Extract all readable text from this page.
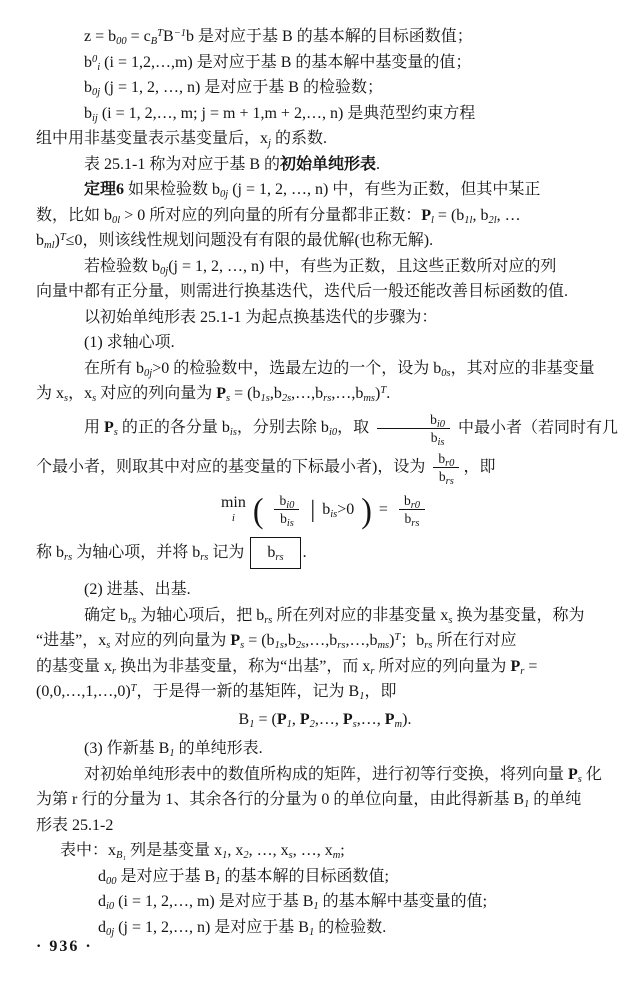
$z = b_{00} = c_B^TB^{-1}b$ 是对应于基 B 的基本解的目标函数值；
$b^0_i$ (i = 1,2,…,m) 是对应于基 B 的基本解中基变量的值；
$b_{0j}$ (j = 1, 2, …, n) 是对应于基 B 的检验数；
$b_{ij}$ (i = 1, 2,…, m; j = m + 1,m + 2,…, n) 是典范型约束方程
组中用非基变量表示基变量后，$x_j$ 的系数.
表 25.1-1 称为对应于基 B 的初始单纯形表.
定理6 如果检验数 $b_{0j}$ (j = 1, 2, …, n) 中，有些为正数，但其中某正
数，比如 $b_{0l} > 0$ 所对应的列向量的所有分量都非正数：$P_l = (b_{1l}$, $b_{2l}$, …
$b_{ml})^T\le 0$，则该线性规划问题没有有限的最优解(也称无解).
若检验数 $b_{0j}(j = 1$, 2, …, n) 中，有些为正数，且这些正数所对应的列
向量中都有正分量，则需进行换基迭代，迭代后一般还能改善目标函数的值.
以初始单纯形表 25.1-1 为起点换基迭代的步骤为：
(1) 求轴心项.
在所有 $b_{0j}>0$ 的检验数中，选最左边的一个，设为 $b_{0s}$，其对应的非基变量
为 $x_s$，$x_s$ 对应的列向量为 $P_s$ = $(b_{1s},b_{2s},\dots,b_{rs},\dots,b_{ms})^T$.
用 $P_s$ 的正的各分量 $b_{is}$，分别去除 $b_{i0}$，取 $\frac{b_{i0}}{b_{is}}$ 中最小者（若同时有几
个最小者，则取其中对应的基变量的下标最小者)，设为 $\frac{b_{r0}}{b_{rs}}$ ，即
min
i ( $\frac{b_{i0}}{b_{is}}$ | $b_{is}>0$ ) = $\frac{b_{r0}}{b_{rs}}$
称 $b_{rs}$ 为轴心项，并将 $b_{rs}$ 记为 $b_{rs}$ .
(2) 进基、出基.
确定 $b_{rs}$ 为轴心项后，把 $b_{rs}$ 所在列对应的非基变量 $x_s$ 换为基变量，称为
“进基”，$x_s$ 对应的列向量为 $P_s$ = $(b_{1s},b_{2s},\dots,b_{rs},\dots,b_{ms})^T$；$b_{rs}$ 所在行对应
的基变量 $x_r$ 换出为非基变量，称为“出基”，而 $x_r$ 所对应的列向量为 $P_r$ =
(0,0,…,1,…,0)$^T$，于是得一新的基矩阵，记为 $B_1$，即
$B_1 = (P_1$, $P_2,\dots$, $P_s,\dots$, $P_m$).
(3) 作新基 $B_1$ 的单纯形表.
对初始单纯形表中的数值所构成的矩阵，进行初等行变换，将列向量 $P_s$ 化
为第 r 行的分量为 1、其余各行的分量为 0 的单位向量，由此得新基 $B_1$ 的单纯
形表 25.1-2
表中：$x_{B_1}$ 列是基变量 $x_1$, $x_2$, …, $x_s$, …, $x_m$;
$d_{00}$ 是对应于基 $B_1$ 的基本解的目标函数值;
$d_{i0}$ (i = 1, 2,…, m) 是对应于基 $B_1$ 的基本解中基变量的值;
$d_{0j}$ (j = 1, 2,…, n) 是对应于基 $B_1$ 的检验数.
· 936 ·
